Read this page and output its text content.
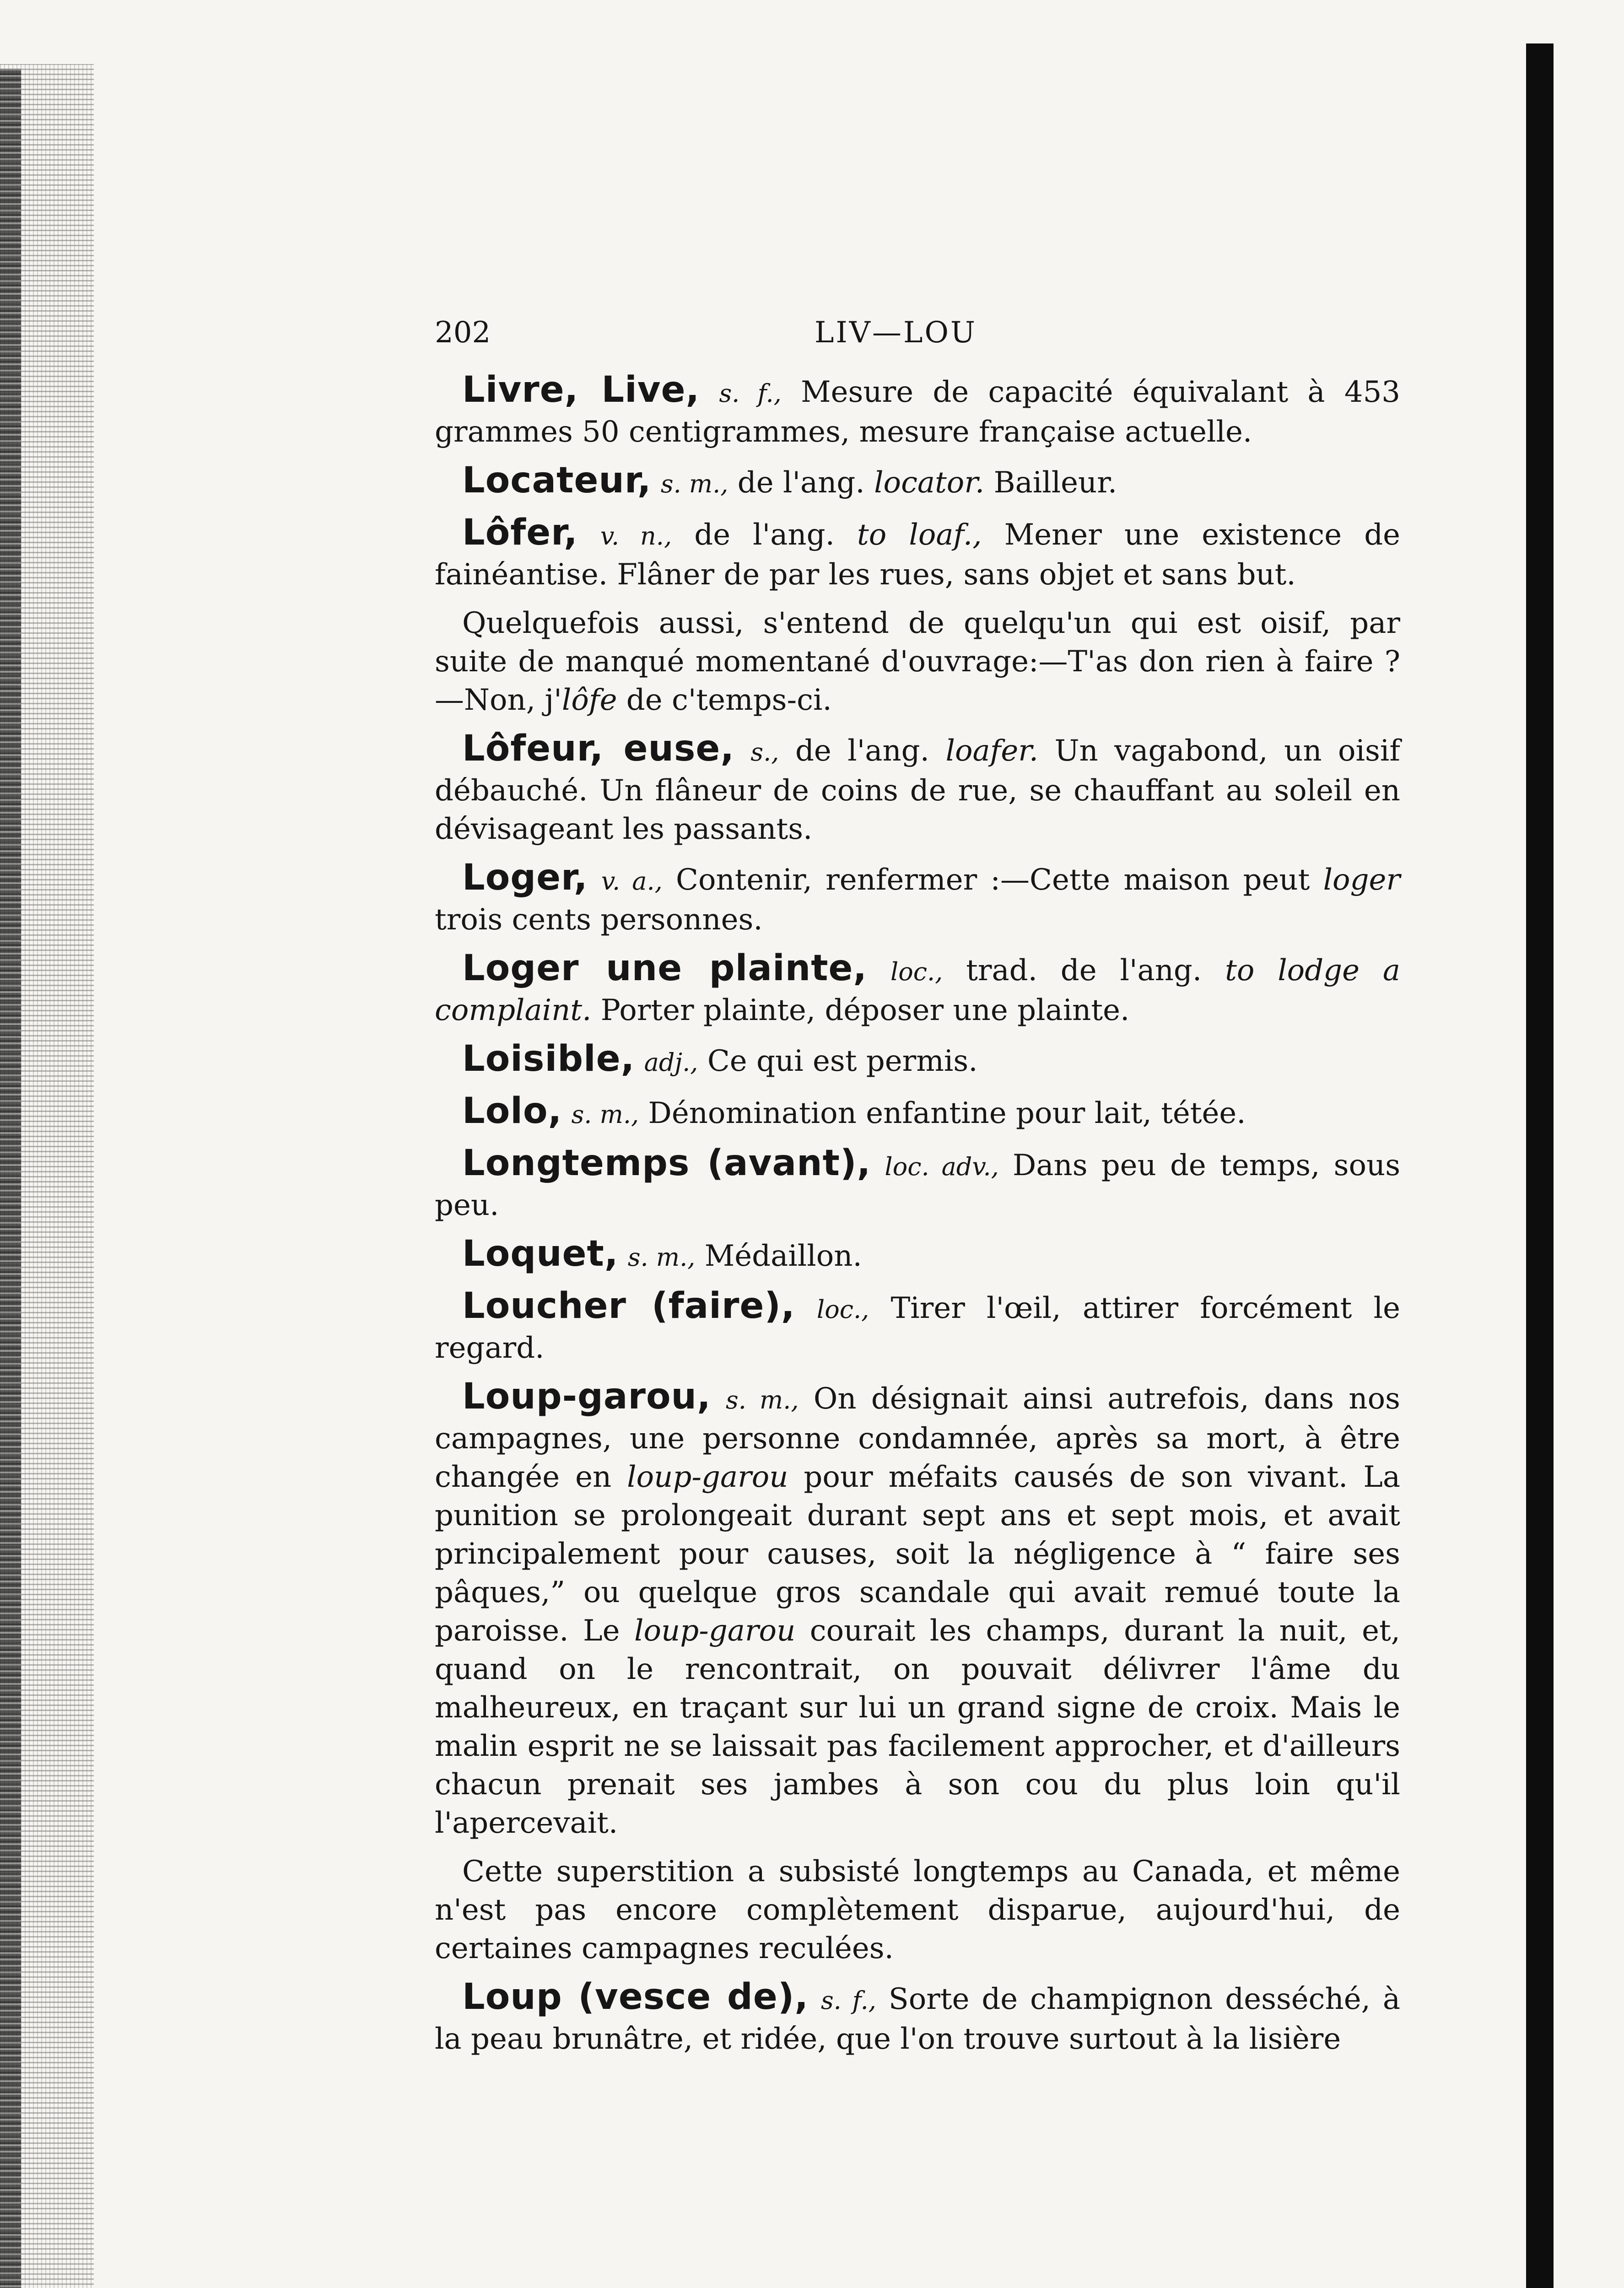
202	LIV—LOU

Livre, Live, s. f., Mesure de capacité équivalant à 453 grammes 50 centigrammes, mesure française actuelle.

Locateur, s. m., de l'ang. locator. Bailleur.

Lôfer, v. n., de l'ang. to loaf., Mener une existence de fainéantise. Flâner de par les rues, sans objet et sans but.

Quelquefois aussi, s'entend de quelqu'un qui est oisif, par suite de manqué momentané d'ouvrage:—T'as don rien à faire ? —Non, j'lôfe de c'temps-ci.

Lôfeur, euse, s., de l'ang. loafer. Un vagabond, un oisif débauché. Un flâneur de coins de rue, se chauffant au soleil en dévisageant les passants.

Loger, v. a., Contenir, renfermer :—Cette maison peut loger trois cents personnes.

Loger une plainte, loc., trad. de l'ang. to lodge a complaint. Porter plainte, déposer une plainte.

Loisible, adj., Ce qui est permis.

Lolo, s. m., Dénomination enfantine pour lait, tétée.

Longtemps (avant), loc. adv., Dans peu de temps, sous peu.

Loquet, s. m., Médaillon.

Loucher (faire), loc., Tirer l'œil, attirer forcément le regard.

Loup-garou, s. m., On désignait ainsi autrefois, dans nos campagnes, une personne condamnée, après sa mort, à être changée en loup-garou pour méfaits causés de son vivant. La punition se prolongeait durant sept ans et sept mois, et avait principalement pour causes, soit la négligence à “ faire ses pâques,” ou quelque gros scandale qui avait remué toute la paroisse. Le loup-garou courait les champs, durant la nuit, et, quand on le rencontrait, on pouvait délivrer l'âme du malheureux, en traçant sur lui un grand signe de croix. Mais le malin esprit ne se laissait pas facilement approcher, et d'ailleurs chacun prenait ses jambes à son cou du plus loin qu'il l'apercevait.

Cette superstition a subsisté longtemps au Canada, et même n'est pas encore complètement disparue, aujourd'hui, de certaines campagnes reculées.

Loup (vesce de), s. f., Sorte de champignon desséché, à la peau brunâtre, et ridée, que l'on trouve surtout à la lisière
